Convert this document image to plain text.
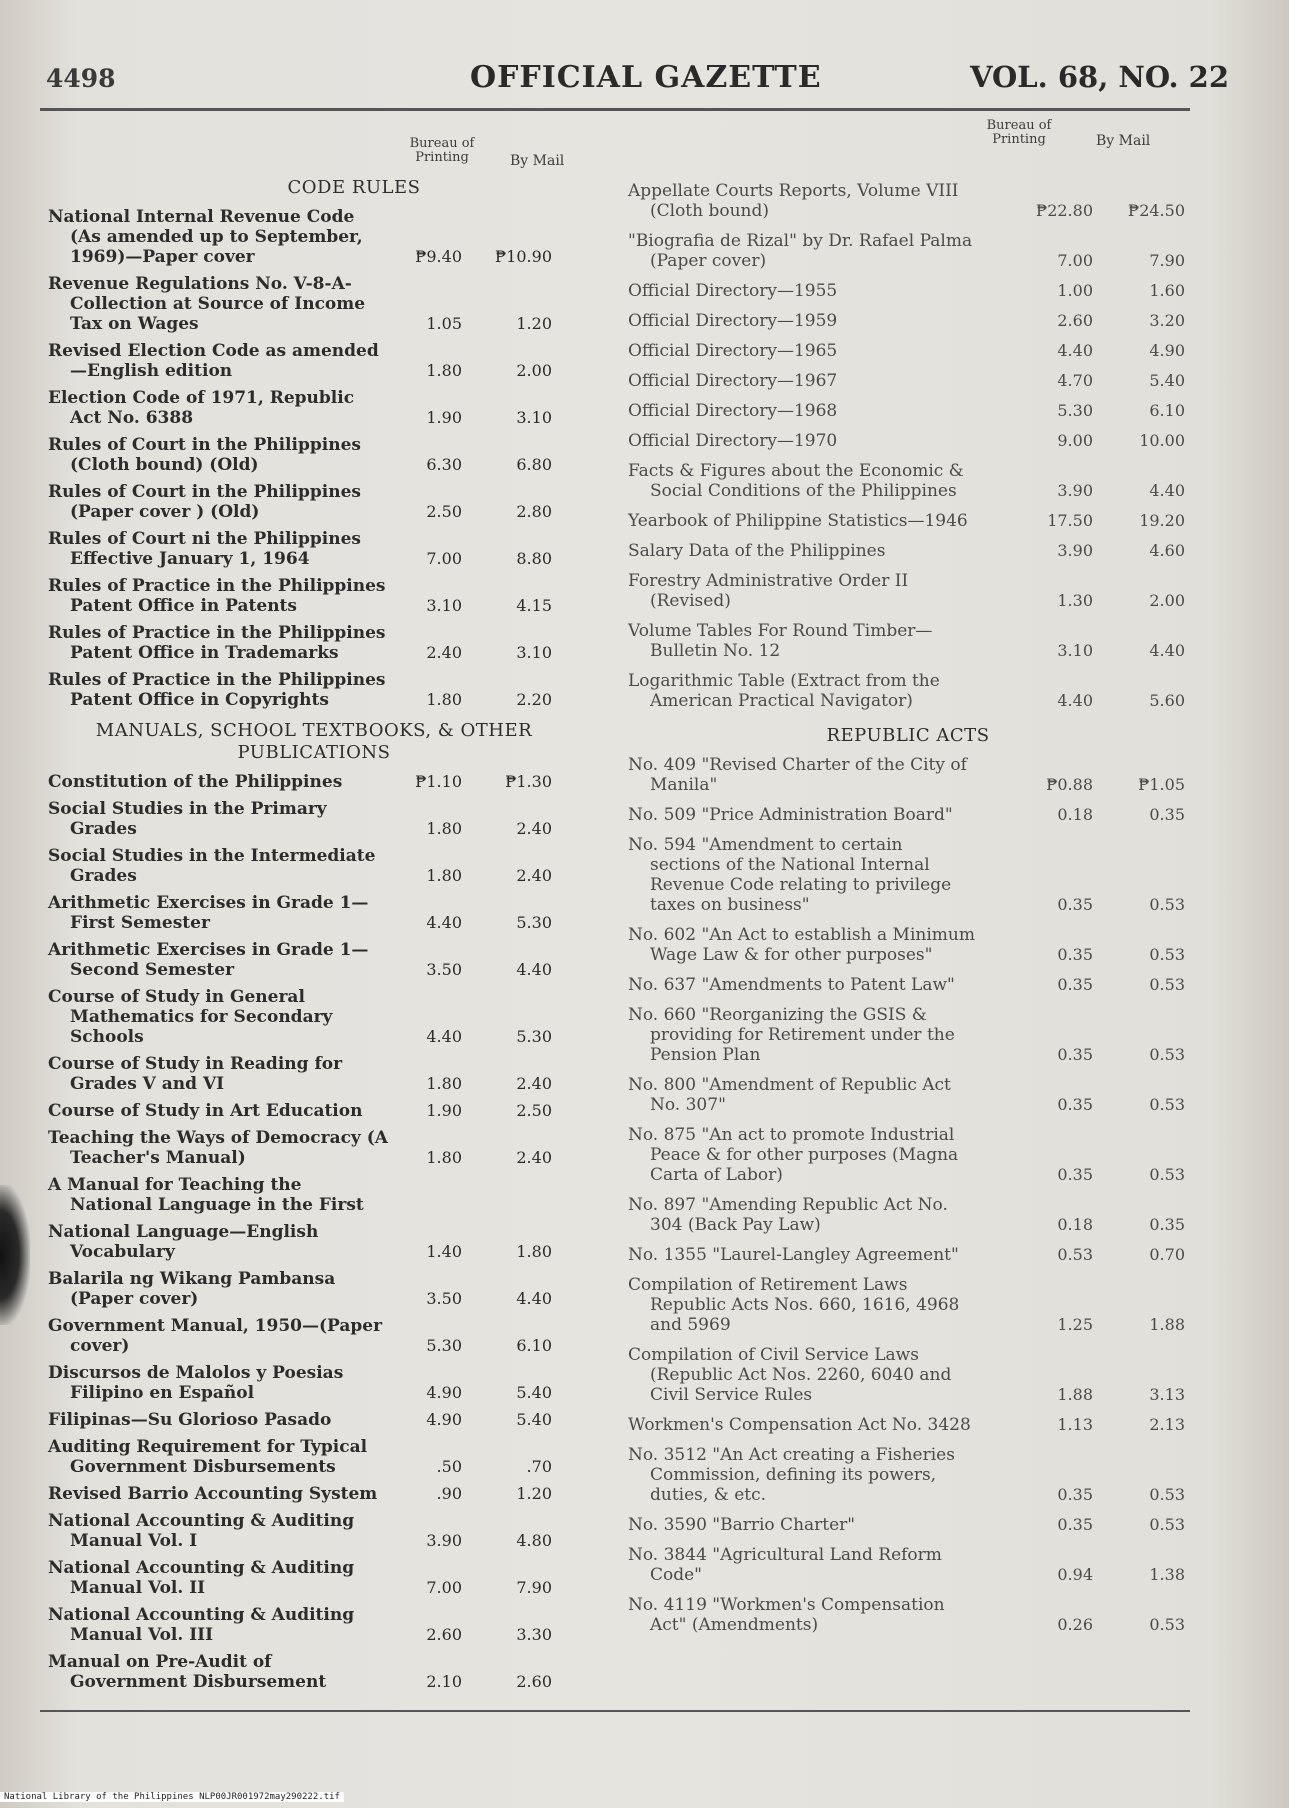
4498	OFFICIAL GAZETTE	VOL. 68, NO. 22
Bureau of Printing	By Mail
CODE RULES
National Internal Revenue Code (As amended up to September, 1969)—Paper cover	₱9.40	₱10.90
Revenue Regulations No. V-8-A-Collection at Source of Income Tax on Wages	1.05	1.20
Revised Election Code as amended—English edition	1.80	2.00
Election Code of 1971, Republic Act No. 6388	1.90	3.10
Rules of Court in the Philippines (Cloth bound) (Old)	6.30	6.80
Rules of Court in the Philippines (Paper cover ) (Old)	2.50	2.80
Rules of Court ni the Philippines Effective January 1, 1964	7.00	8.80
Rules of Practice in the Philippines Patent Office in Patents	3.10	4.15
Rules of Practice in the Philippines Patent Office in Trademarks	2.40	3.10
Rules of Practice in the Philippines Patent Office in Copyrights	1.80	2.20
MANUALS, SCHOOL TEXTBOOKS, & OTHER PUBLICATIONS
Constitution of the Philippines	₱1.10	₱1.30
Social Studies in the Primary Grades	1.80	2.40
Social Studies in the Intermediate Grades	1.80	2.40
Arithmetic Exercises in Grade 1—First Semester	4.40	5.30
Arithmetic Exercises in Grade 1—Second Semester	3.50	4.40
Course of Study in General Mathematics for Secondary Schools	4.40	5.30
Course of Study in Reading for Grades V and VI	1.80	2.40
Course of Study in Art Education	1.90	2.50
Teaching the Ways of Democracy (A Teacher's Manual)	1.80	2.40
A Manual for Teaching the National Language in the First
National Language—English Vocabulary	1.40	1.80
Balarila ng Wikang Pambansa (Paper cover)	3.50	4.40
Government Manual, 1950—(Paper cover)	5.30	6.10
Discursos de Malolos y Poesias Filipino en Español	4.90	5.40
Filipinas—Su Glorioso Pasado	4.90	5.40
Auditing Requirement for Typical Government Disbursements	.50	.70
Revised Barrio Accounting System	.90	1.20
National Accounting & Auditing Manual Vol. I	3.90	4.80
National Accounting & Auditing Manual Vol. II	7.00	7.90
National Accounting & Auditing Manual Vol. III	2.60	3.30
Manual on Pre-Audit of Government Disbursement	2.10	2.60
Bureau of Printing	By Mail
Appellate Courts Reports, Volume VIII (Cloth bound)	₱22.80	₱24.50
"Biografia de Rizal" by Dr. Rafael Palma (Paper cover)	7.00	7.90
Official Directory—1955	1.00	1.60
Official Directory—1959	2.60	3.20
Official Directory—1965	4.40	4.90
Official Directory—1967	4.70	5.40
Official Directory—1968	5.30	6.10
Official Directory—1970	9.00	10.00
Facts & Figures about the Economic & Social Conditions of the Philippines	3.90	4.40
Yearbook of Philippine Statistics—1946	17.50	19.20
Salary Data of the Philippines	3.90	4.60
Forestry Administrative Order II (Revised)	1.30	2.00
Volume Tables For Round Timber—Bulletin No. 12	3.10	4.40
Logarithmic Table (Extract from the American Practical Navigator)	4.40	5.60
REPUBLIC ACTS
No. 409 "Revised Charter of the City of Manila"	₱0.88	₱1.05
No. 509 "Price Administration Board"	0.18	0.35
No. 594 "Amendment to certain sections of the National Internal Revenue Code relating to privilege taxes on business"	0.35	0.53
No. 602 "An Act to establish a Minimum Wage Law & for other purposes"	0.35	0.53
No. 637 "Amendments to Patent Law"	0.35	0.53
No. 660 "Reorganizing the GSIS & providing for Retirement under the Pension Plan	0.35	0.53
No. 800 "Amendment of Republic Act No. 307"	0.35	0.53
No. 875 "An act to promote Industrial Peace & for other purposes (Magna Carta of Labor)	0.35	0.53
No. 897 "Amending Republic Act No. 304 (Back Pay Law)	0.18	0.35
No. 1355 "Laurel-Langley Agreement"	0.53	0.70
Compilation of Retirement Laws Republic Acts Nos. 660, 1616, 4968 and 5969	1.25	1.88
Compilation of Civil Service Laws (Republic Act Nos. 2260, 6040 and Civil Service Rules	1.88	3.13
Workmen's Compensation Act No. 3428	1.13	2.13
No. 3512 "An Act creating a Fisheries Commission, defining its powers, duties, & etc.	0.35	0.53
No. 3590 "Barrio Charter"	0.35	0.53
No. 3844 "Agricultural Land Reform Code"	0.94	1.38
No. 4119 "Workmen's Compensation Act" (Amendments)	0.26	0.53
National Library of the Philippines NLP00JR001972may290222.tif
